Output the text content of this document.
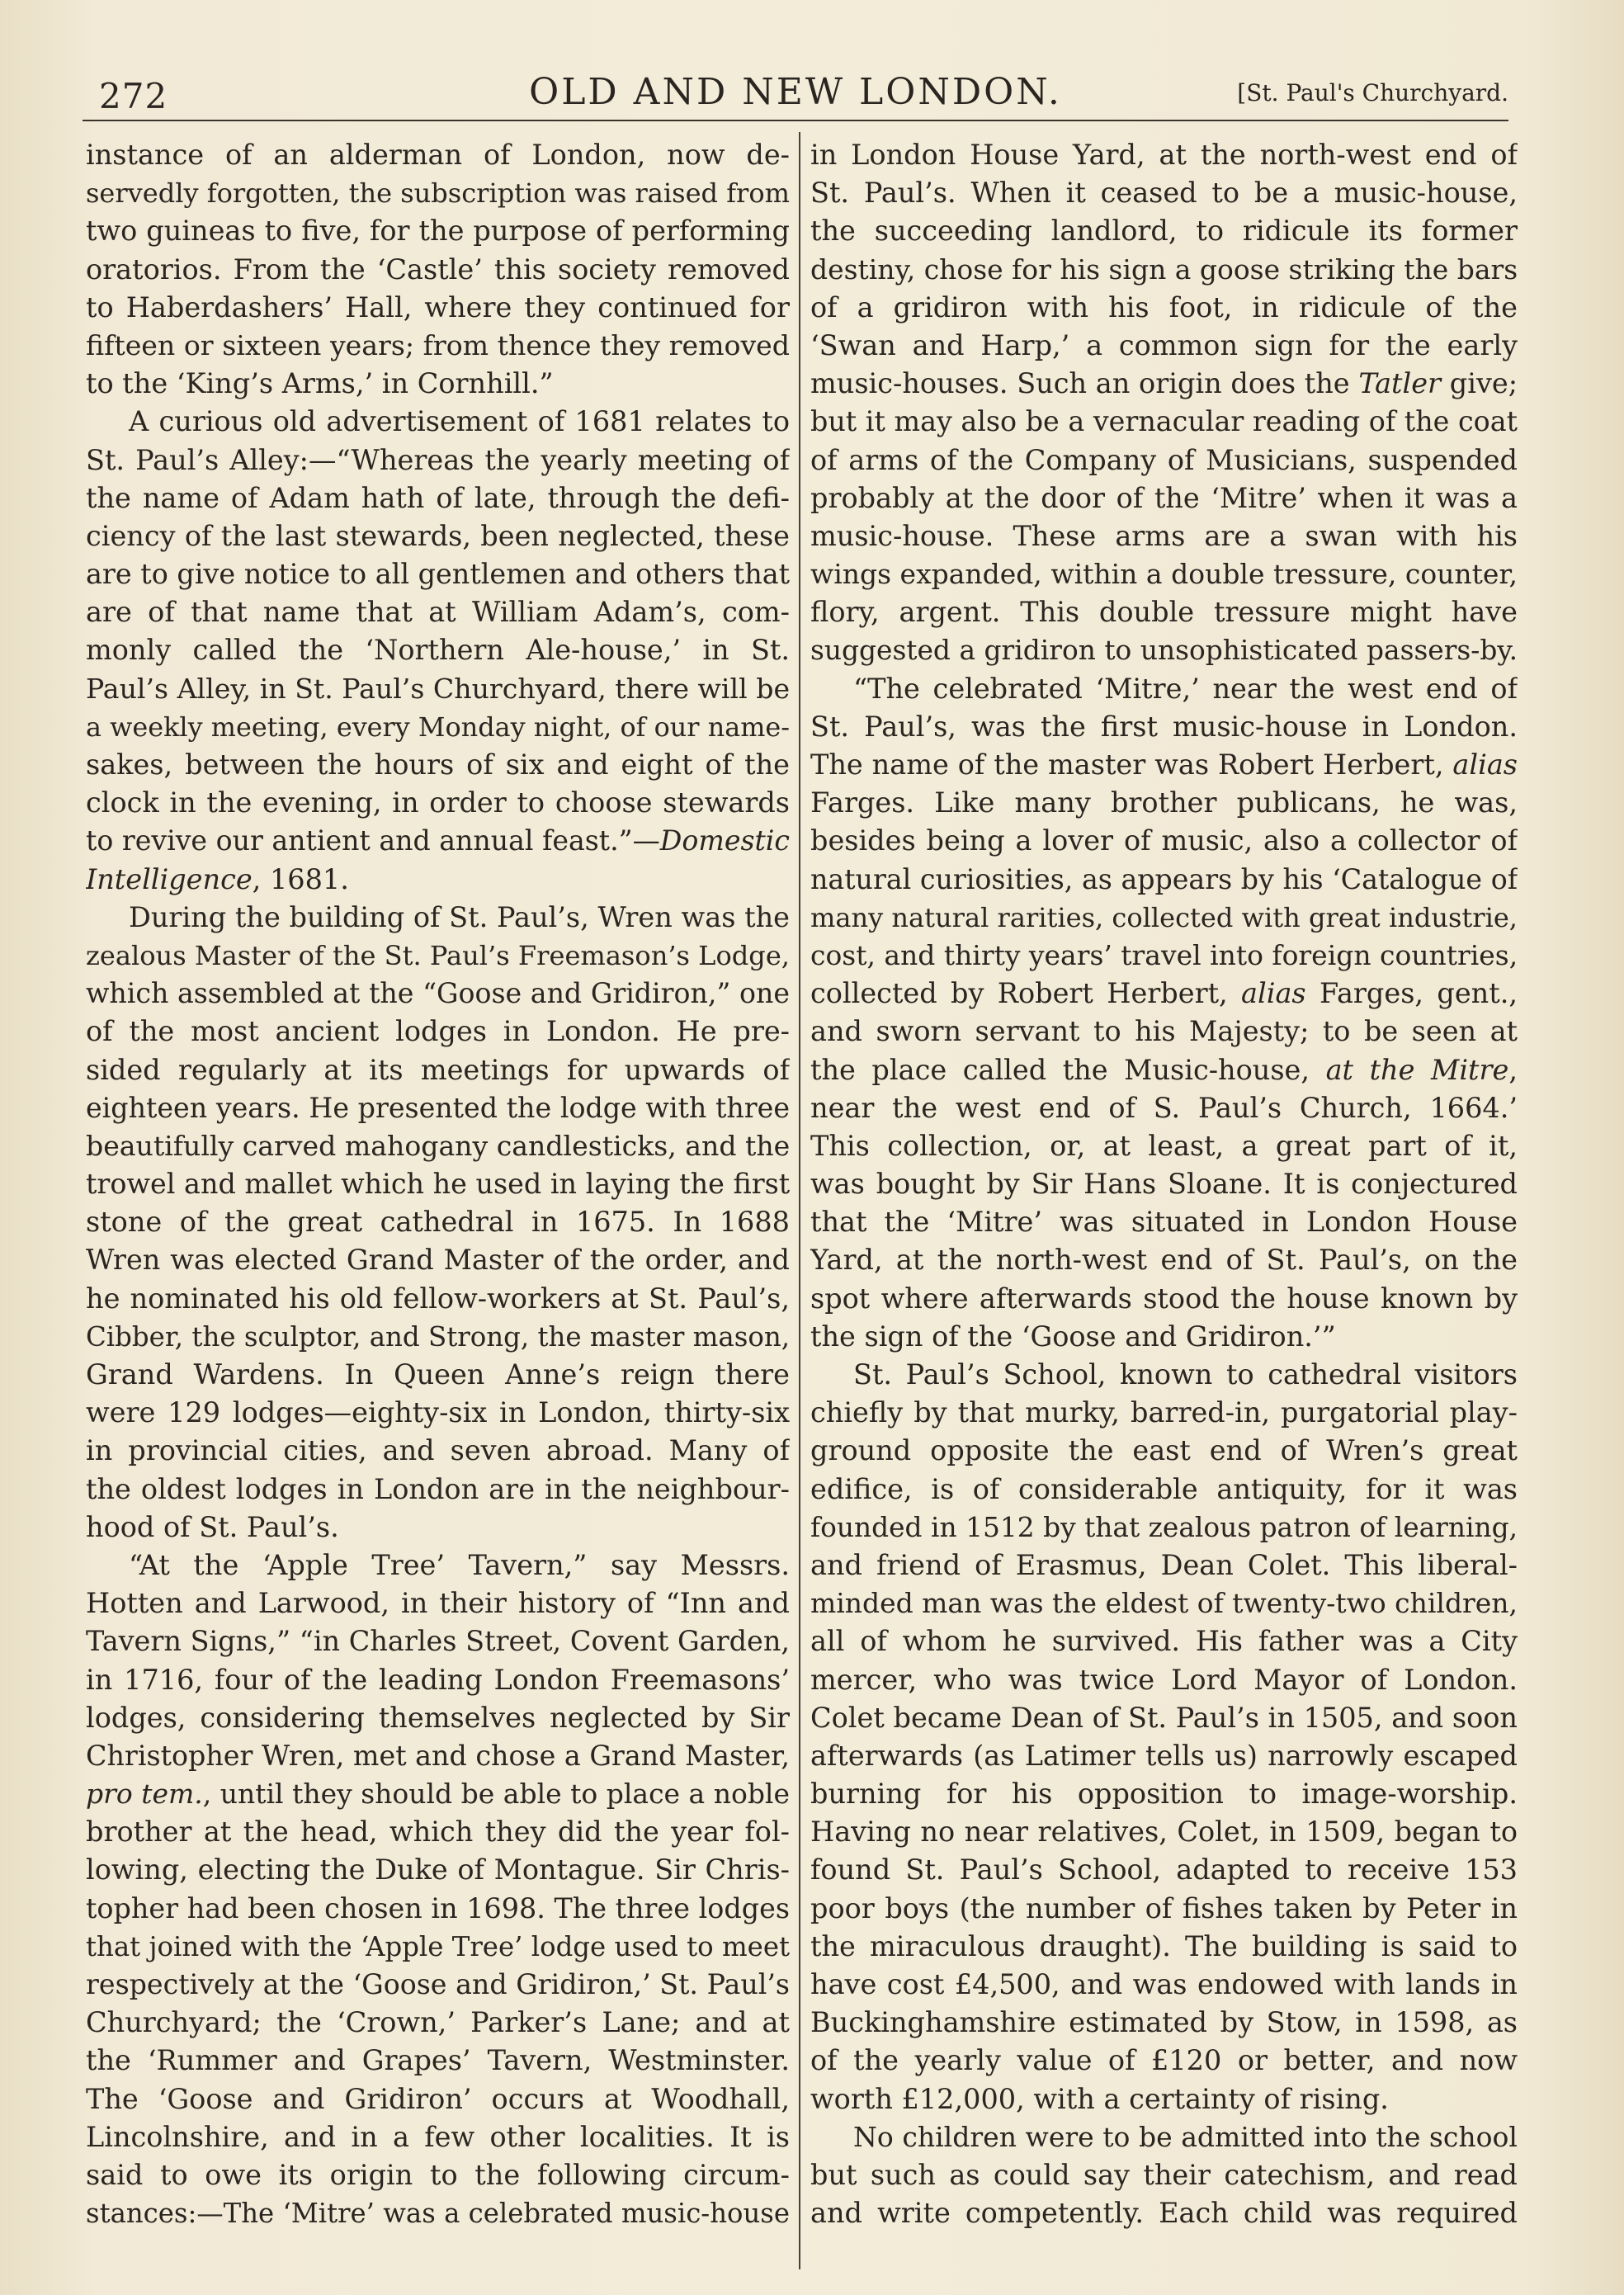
272	OLD AND NEW LONDON.	[St. Paul's Churchyard.
instance of an alderman of London, now de-
servedly forgotten, the subscription was raised from
two guineas to five, for the purpose of performing
oratorios. From the ‘Castle’ this society removed
to Haberdashers’ Hall, where they continued for
fifteen or sixteen years; from thence they removed
to the ‘King’s Arms,’ in Cornhill.”
A curious old advertisement of 1681 relates to
St. Paul’s Alley:—“Whereas the yearly meeting of
the name of Adam hath of late, through the defi-
ciency of the last stewards, been neglected, these
are to give notice to all gentlemen and others that
are of that name that at William Adam’s, com-
monly called the ‘Northern Ale-house,’ in St.
Paul’s Alley, in St. Paul’s Churchyard, there will be
a weekly meeting, every Monday night, of our name-
sakes, between the hours of six and eight of the
clock in the evening, in order to choose stewards
to revive our antient and annual feast.”—Domestic
Intelligence, 1681.
During the building of St. Paul’s, Wren was the
zealous Master of the St. Paul’s Freemason’s Lodge,
which assembled at the “Goose and Gridiron,” one
of the most ancient lodges in London. He pre-
sided regularly at its meetings for upwards of
eighteen years. He presented the lodge with three
beautifully carved mahogany candlesticks, and the
trowel and mallet which he used in laying the first
stone of the great cathedral in 1675. In 1688
Wren was elected Grand Master of the order, and
he nominated his old fellow-workers at St. Paul’s,
Cibber, the sculptor, and Strong, the master mason,
Grand Wardens. In Queen Anne’s reign there
were 129 lodges—eighty-six in London, thirty-six
in provincial cities, and seven abroad. Many of
the oldest lodges in London are in the neighbour-
hood of St. Paul’s.
“At the ‘Apple Tree’ Tavern,” say Messrs.
Hotten and Larwood, in their history of “Inn and
Tavern Signs,” “in Charles Street, Covent Garden,
in 1716, four of the leading London Freemasons’
lodges, considering themselves neglected by Sir
Christopher Wren, met and chose a Grand Master,
pro tem., until they should be able to place a noble
brother at the head, which they did the year fol-
lowing, electing the Duke of Montague. Sir Chris-
topher had been chosen in 1698. The three lodges
that joined with the ‘Apple Tree’ lodge used to meet
respectively at the ‘Goose and Gridiron,’ St. Paul’s
Churchyard; the ‘Crown,’ Parker’s Lane; and at
the ‘Rummer and Grapes’ Tavern, Westminster.
The ‘Goose and Gridiron’ occurs at Woodhall,
Lincolnshire, and in a few other localities. It is
said to owe its origin to the following circum-
stances:—The ‘Mitre’ was a celebrated music-house
in London House Yard, at the north-west end of
St. Paul’s. When it ceased to be a music-house,
the succeeding landlord, to ridicule its former
destiny, chose for his sign a goose striking the bars
of a gridiron with his foot, in ridicule of the
‘Swan and Harp,’ a common sign for the early
music-houses. Such an origin does the Tatler give;
but it may also be a vernacular reading of the coat
of arms of the Company of Musicians, suspended
probably at the door of the ‘Mitre’ when it was a
music-house. These arms are a swan with his
wings expanded, within a double tressure, counter,
flory, argent. This double tressure might have
suggested a gridiron to unsophisticated passers-by.
“The celebrated ‘Mitre,’ near the west end of
St. Paul’s, was the first music-house in London.
The name of the master was Robert Herbert, alias
Farges. Like many brother publicans, he was,
besides being a lover of music, also a collector of
natural curiosities, as appears by his ‘Catalogue of
many natural rarities, collected with great industrie,
cost, and thirty years’ travel into foreign countries,
collected by Robert Herbert, alias Farges, gent.,
and sworn servant to his Majesty; to be seen at
the place called the Music-house, at the Mitre,
near the west end of S. Paul’s Church, 1664.’
This collection, or, at least, a great part of it,
was bought by Sir Hans Sloane. It is conjectured
that the ‘Mitre’ was situated in London House
Yard, at the north-west end of St. Paul’s, on the
spot where afterwards stood the house known by
the sign of the ‘Goose and Gridiron.’”
St. Paul’s School, known to cathedral visitors
chiefly by that murky, barred-in, purgatorial play-
ground opposite the east end of Wren’s great
edifice, is of considerable antiquity, for it was
founded in 1512 by that zealous patron of learning,
and friend of Erasmus, Dean Colet. This liberal-
minded man was the eldest of twenty-two children,
all of whom he survived. His father was a City
mercer, who was twice Lord Mayor of London.
Colet became Dean of St. Paul’s in 1505, and soon
afterwards (as Latimer tells us) narrowly escaped
burning for his opposition to image-worship.
Having no near relatives, Colet, in 1509, began to
found St. Paul’s School, adapted to receive 153
poor boys (the number of fishes taken by Peter in
the miraculous draught). The building is said to
have cost £4,500, and was endowed with lands in
Buckinghamshire estimated by Stow, in 1598, as
of the yearly value of £120 or better, and now
worth £12,000, with a certainty of rising.
No children were to be admitted into the school
but such as could say their catechism, and read
and write competently. Each child was required
